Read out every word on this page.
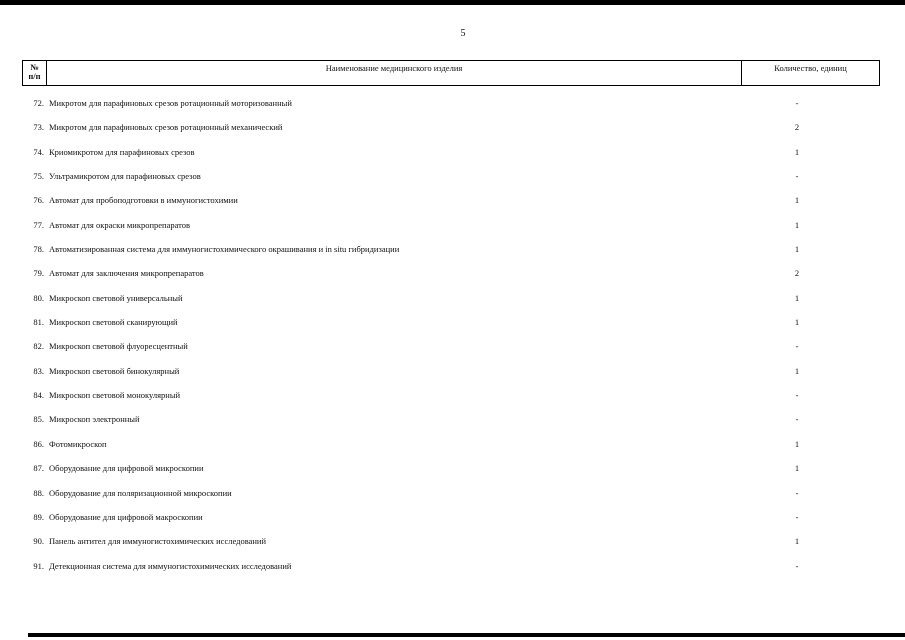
5
№
п/п
Наименование медицинского изделия	Количество, единиц
72. Микротом для парафиновых срезов ротационный моторизованный	-
73. Микротом для парафиновых срезов ротационный механический	2
74. Криомикротом для парафиновых срезов	1
75. Ультрамикротом для парафиновых срезов	-
76. Автомат для пробоподготовки в иммуногистохимии	1
77. Автомат для окраски микропрепаратов	1
78. Автоматизированная система для иммуногистохимического окрашивания и in situ гибридизации	1
79. Автомат для заключения микропрепаратов	2
80. Микроскоп световой универсальный	1
81. Микроскоп световой сканирующий	1
82. Микроскоп световой флуоресцентный	-
83. Микроскоп световой бинокулярный	1
84. Микроскоп световой монокулярный	-
85. Микроскоп электронный	-
86. Фотомикроскоп	1
87. Оборудование для цифровой микроскопии	1
88. Оборудование для поляризационной микроскопии	-
89. Оборудование для цифровой макроскопии	-
90. Панель антител для иммуногистохимических исследований	1
91. Детекционная система для иммуногистохимических исследований	-
